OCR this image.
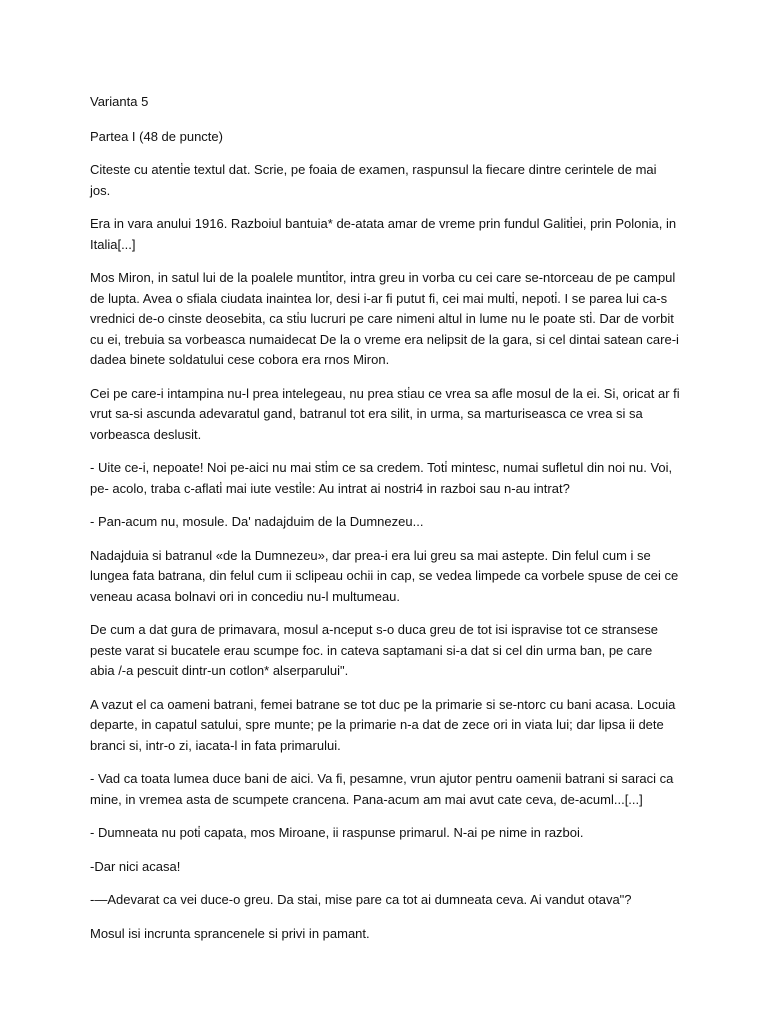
Varianta 5

Partea I (48 de puncte)

Citeste cu atenti̇e textul dat. Scrie, pe foaia de examen, raspunsul la fiecare dintre cerintele de mai jos.

Era in vara anului 1916. Razboiul bantuia* de-atata amar de vreme prin fundul Galiti̇ei, prin Polonia, in Italia[...]

Mos Miron, in satul lui de la poalele munti̇tor, intra greu in vorba cu cei care se-ntorceau de pe campul de lupta. Avea o sfiala ciudata inaintea lor, desi i-ar fi putut fi, cei mai multi̇, nepoti̇. I se parea lui ca-s vrednici de-o cinste deosebita, ca sti̇u lucruri pe care nimeni altul in lume nu le poate sti̇. Dar de vorbit cu ei, trebuia sa vorbeasca numaidecat De la o vreme era nelipsit de la gara, si cel dintai satean care-i dadea binete soldatului cese cobora era rnos Miron.

Cei pe care-i intampina nu-l prea intelegeau, nu prea sti̇au ce vrea sa afle mosul de la ei. Si, oricat ar fi vrut sa-si ascunda adevaratul gand, batranul tot era silit, in urma, sa marturiseasca ce vrea si sa vorbeasca deslusit.

- Uite ce-i, nepoate! Noi pe-aici nu mai sti̇m ce sa credem. Toti̇ mintesc, numai sufletul din noi nu. Voi, pe- acolo, traba c-aflati̇ mai iute vesti̇le: Au intrat ai nostri4 in razboi sau n-au intrat?

- Pan-acum nu, mosule. Da' nadajduim de la Dumnezeu...

Nadajduia si batranul «de la Dumnezeu», dar prea-i era lui greu sa mai astepte. Din felul cum i se lungea fata batrana, din felul cum ii sclipeau ochii in cap, se vedea limpede ca vorbele spuse de cei ce veneau acasa bolnavi ori in concediu nu-l multumeau.

De cum a dat gura de primavara, mosul a-nceput s-o duca greu de tot isi ispravise tot ce stransese peste varat si bucatele erau scumpe foc. in cateva saptamani si-a dat si cel din urma ban, pe care abia /-a pescuit dintr-un cotlon* alserparului".

A vazut el ca oameni batrani, femei batrane se tot duc pe la primarie si se-ntorc cu bani acasa. Locuia departe, in capatul satului, spre munte; pe la primarie n-a dat de zece ori in viata lui; dar lipsa ii dete branci si, intr-o zi, iacata-l in fata primarului.

- Vad ca toata lumea duce bani de aici. Va fi, pesamne, vrun ajutor pentru oamenii batrani si saraci ca mine, in vremea asta de scumpete crancena. Pana-acum am mai avut cate ceva, de-acuml...[...]

- Dumneata nu poti̇ capata, mos Miroane, ii raspunse primarul. N-ai pe nime in razboi.

-Dar nici acasa!

-—Adevarat ca vei duce-o greu. Da stai, mise pare ca tot ai dumneata ceva. Ai vandut otava"?

Mosul isi incrunta sprancenele si privi in pamant.
